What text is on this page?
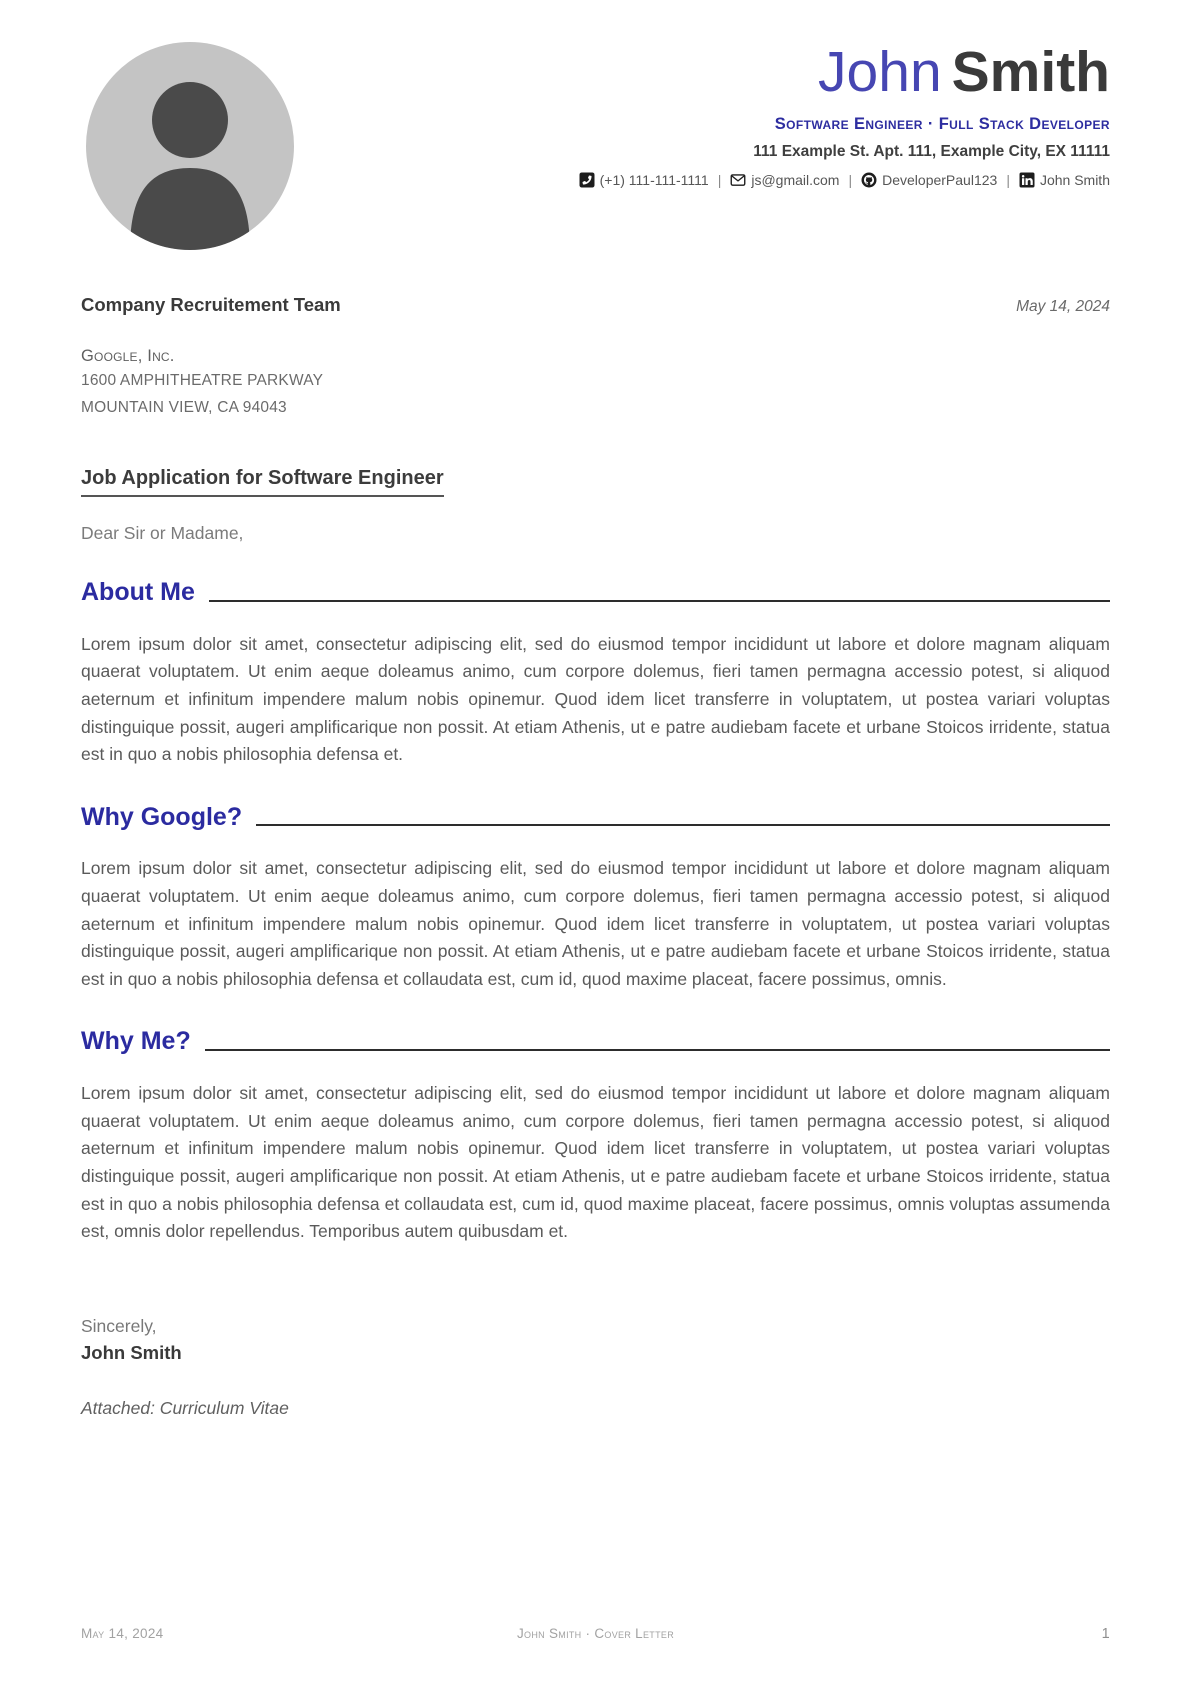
John Smith
Software Engineer · Full Stack Developer
111 Example St. Apt. 111, Example City, EX 11111
(+1) 111-111-1111 | js@gmail.com | DeveloperPaul123 | John Smith
Company Recruitement Team	May 14, 2024
Google, Inc.
1600 AMPHITHEATRE PARKWAY
MOUNTAIN VIEW, CA 94043
Job Application for Software Engineer
Dear Sir or Madame,
About Me

Lorem ipsum dolor sit amet, consectetur adipiscing elit, sed do eiusmod tempor incididunt ut labore et dolore magnam aliquam quaerat voluptatem. Ut enim aeque doleamus animo, cum corpore dolemus, fieri tamen permagna accessio potest, si aliquod aeternum et infinitum impendere malum nobis opinemur. Quod idem licet transferre in voluptatem, ut postea variari voluptas distinguique possit, augeri amplificarique non possit. At etiam Athenis, ut e patre audiebam facete et urbane Stoicos irridente, statua est in quo a nobis philosophia defensa et.

Why Google?

Lorem ipsum dolor sit amet, consectetur adipiscing elit, sed do eiusmod tempor incididunt ut labore et dolore magnam aliquam quaerat voluptatem. Ut enim aeque doleamus animo, cum corpore dolemus, fieri tamen permagna accessio potest, si aliquod aeternum et infinitum impendere malum nobis opinemur. Quod idem licet transferre in voluptatem, ut postea variari voluptas distinguique possit, augeri amplificarique non possit. At etiam Athenis, ut e patre audiebam facete et urbane Stoicos irridente, statua est in quo a nobis philosophia defensa et collaudata est, cum id, quod maxime placeat, facere possimus, omnis.

Why Me?

Lorem ipsum dolor sit amet, consectetur adipiscing elit, sed do eiusmod tempor incididunt ut labore et dolore magnam aliquam quaerat voluptatem. Ut enim aeque doleamus animo, cum corpore dolemus, fieri tamen permagna accessio potest, si aliquod aeternum et infinitum impendere malum nobis opinemur. Quod idem licet transferre in voluptatem, ut postea variari voluptas distinguique possit, augeri amplificarique non possit. At etiam Athenis, ut e patre audiebam facete et urbane Stoicos irridente, statua est in quo a nobis philosophia defensa et collaudata est, cum id, quod maxime placeat, facere possimus, omnis voluptas assumenda est, omnis dolor repellendus. Temporibus autem quibusdam et.

Sincerely,
John Smith
Attached: Curriculum Vitae
May 14, 2024	John Smith · Cover Letter	1
